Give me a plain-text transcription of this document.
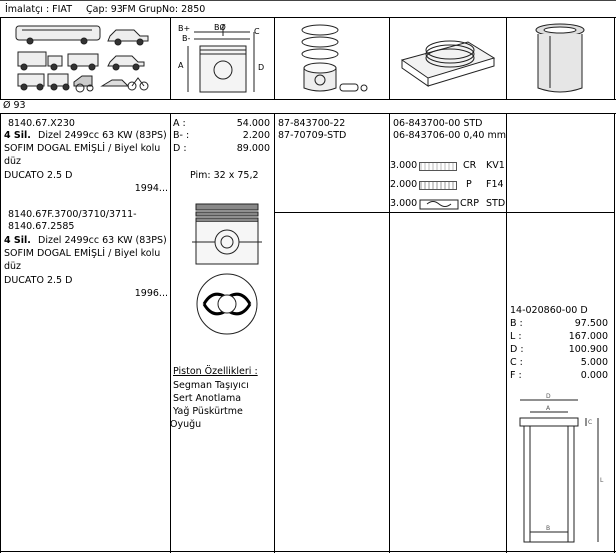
İmalatçı : FIAT Çap: 93 FM GrupNo: 2850
B+	BØ	C
B-
A	D
Ø 93
8140.67.X230
4 Sil. Dizel 2499cc 63 KW (83PS)
SOFIM DOGAL EMİŞLİ / Biyel kolu
düz
DUCATO 2.5 D
1994...
8140.67F.3700/3710/3711-
8140.67.2585
4 Sil. Dizel 2499cc 63 KW (83PS)
SOFIM DOGAL EMİŞLİ / Biyel kolu
düz
DUCATO 2.5 D
1996...
A :	54.000
B- :	2.200
D :	89.000
Pim: 32 x 75,2
Piston Özellikleri :
Segman Taşıyıcı
Sert Anotlama
Yağ Püskürtme
Oyuğu
87-843700-22
87-70709-STD
06-843700-00 STD
06-843706-00 0,40 mm
3.000	CR KV1
2.000	P F14
3.000	CRP STD
14-020860-00 D
B :	97.500
L :	167.000
D :	100.900
C :	5.000
F :	0.000
D
A
C
L
B
